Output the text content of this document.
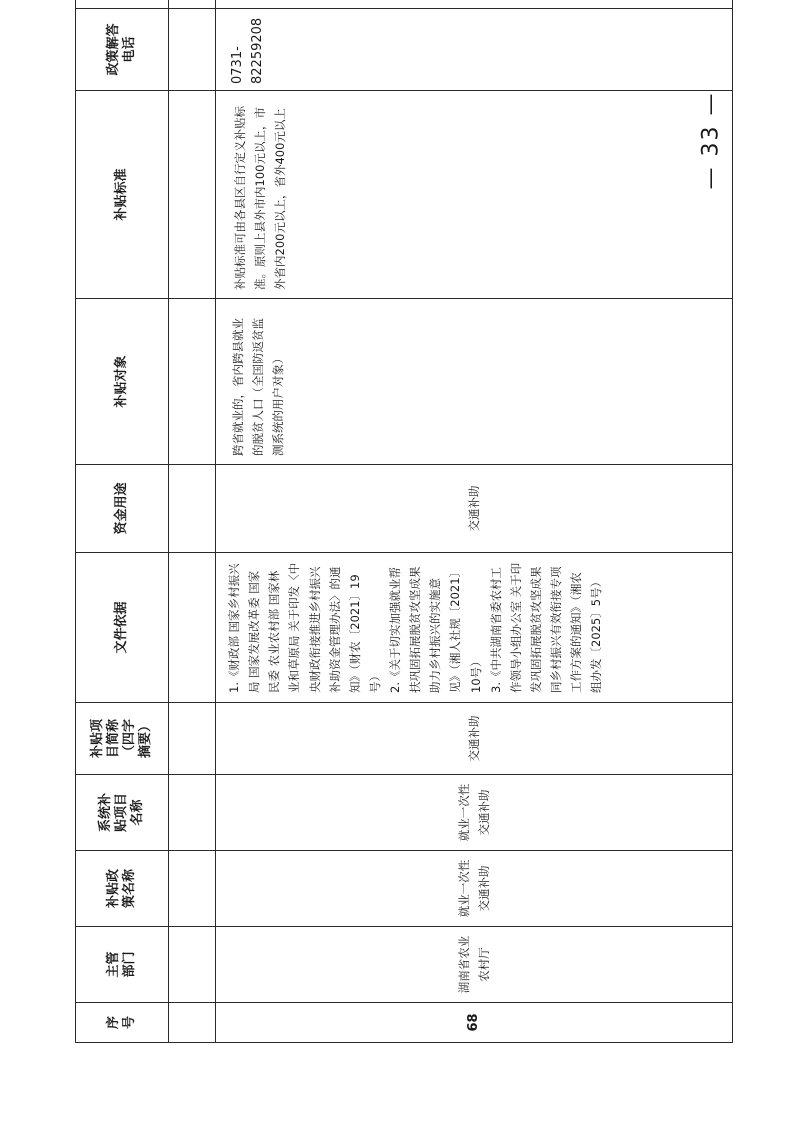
— 33 —
序号	主管部门	补贴政策名称	系统补贴项目名称	补贴项目简称（四字摘要）	文件依据	资金用途	补贴对象	补贴标准	政策解答电话	

68	湖南省农业农村厅	就业一次性交通补助	就业一次性交通补助	交通补助	1.《财政部 国家乡村振兴局 国家发展改革委 国家民委 农业农村部 国家林业和草原局 关于印发〈中央财政衔接推进乡村振兴补助资金管理办法〉的通知》（财农〔2021〕19号） 2.《关于切实加强就业帮扶巩固拓展脱贫攻坚成果助力乡村振兴的实施意见》（湘人社规〔2021〕10号） 3.《中共湖南省委农村工作领导小组办公室 关于印发巩固拓展脱贫攻坚成果同乡村振兴有效衔接专项工作方案的通知》（湘农组办发〔2025〕5号）	交通补助	跨省就业的，省内跨县就业的脱贫人口（全国防返贫监测系统的用户对象）	补贴标准可由各县区自行定义补贴标准。原则上县外市内100元以上，市外省内200元以上，省外400元以上	0731-82259208	
